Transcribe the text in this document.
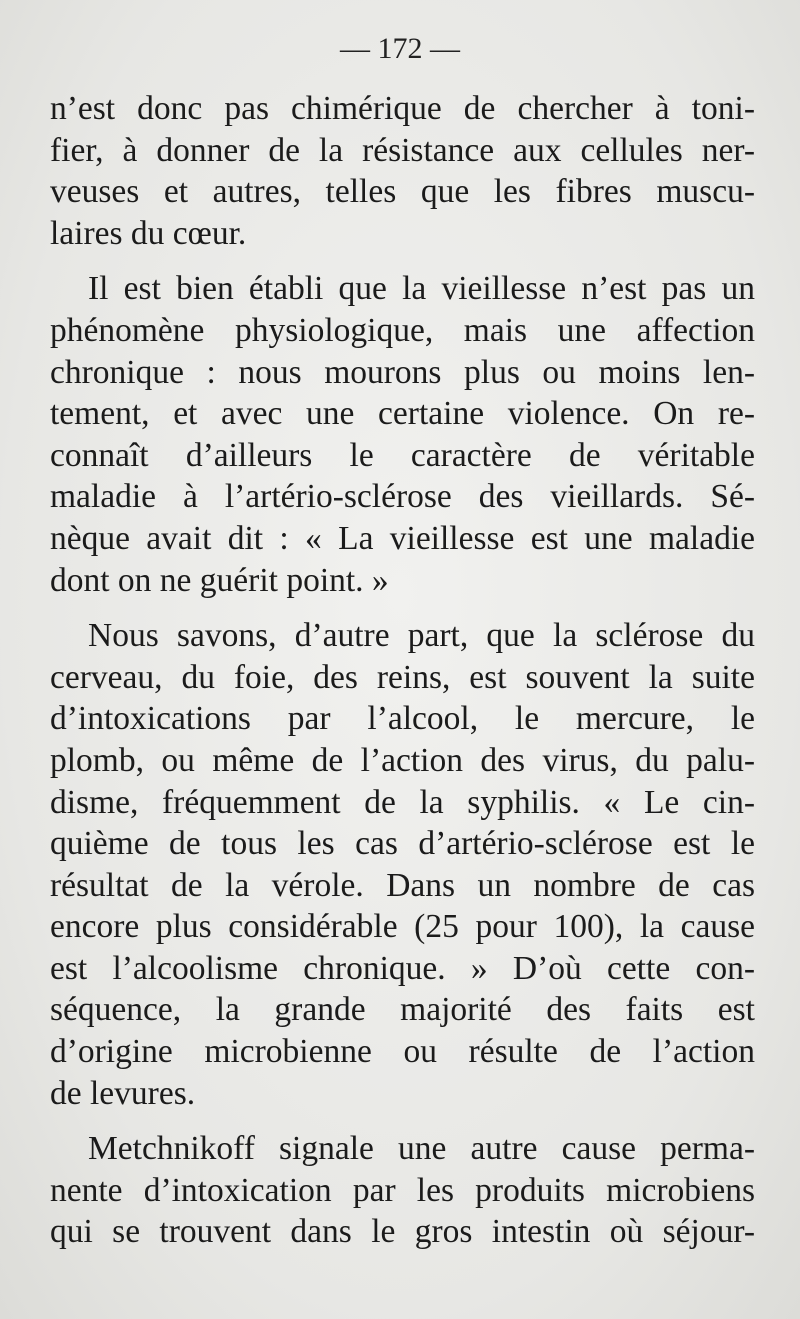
— 172 —
n’est donc pas chimérique de chercher à toni-
fier, à donner de la résistance aux cellules ner-
veuses et autres, telles que les fibres muscu-
laires du cœur.
Il est bien établi que la vieillesse n’est pas un
phénomène physiologique, mais une affection
chronique : nous mourons plus ou moins len-
tement, et avec une certaine violence. On re-
connaît d’ailleurs le caractère de véritable
maladie à l’artério-sclérose des vieillards. Sé-
nèque avait dit : « La vieillesse est une maladie
dont on ne guérit point. »
Nous savons, d’autre part, que la sclérose du
cerveau, du foie, des reins, est souvent la suite
d’intoxications par l’alcool, le mercure, le
plomb, ou même de l’action des virus, du palu-
disme, fréquemment de la syphilis. « Le cin-
quième de tous les cas d’artério-sclérose est le
résultat de la vérole. Dans un nombre de cas
encore plus considérable (25 pour 100), la cause
est l’alcoolisme chronique. » D’où cette con-
séquence, la grande majorité des faits est
d’origine microbienne ou résulte de l’action
de levures.
Metchnikoff signale une autre cause perma-
nente d’intoxication par les produits microbiens
qui se trouvent dans le gros intestin où séjour-
